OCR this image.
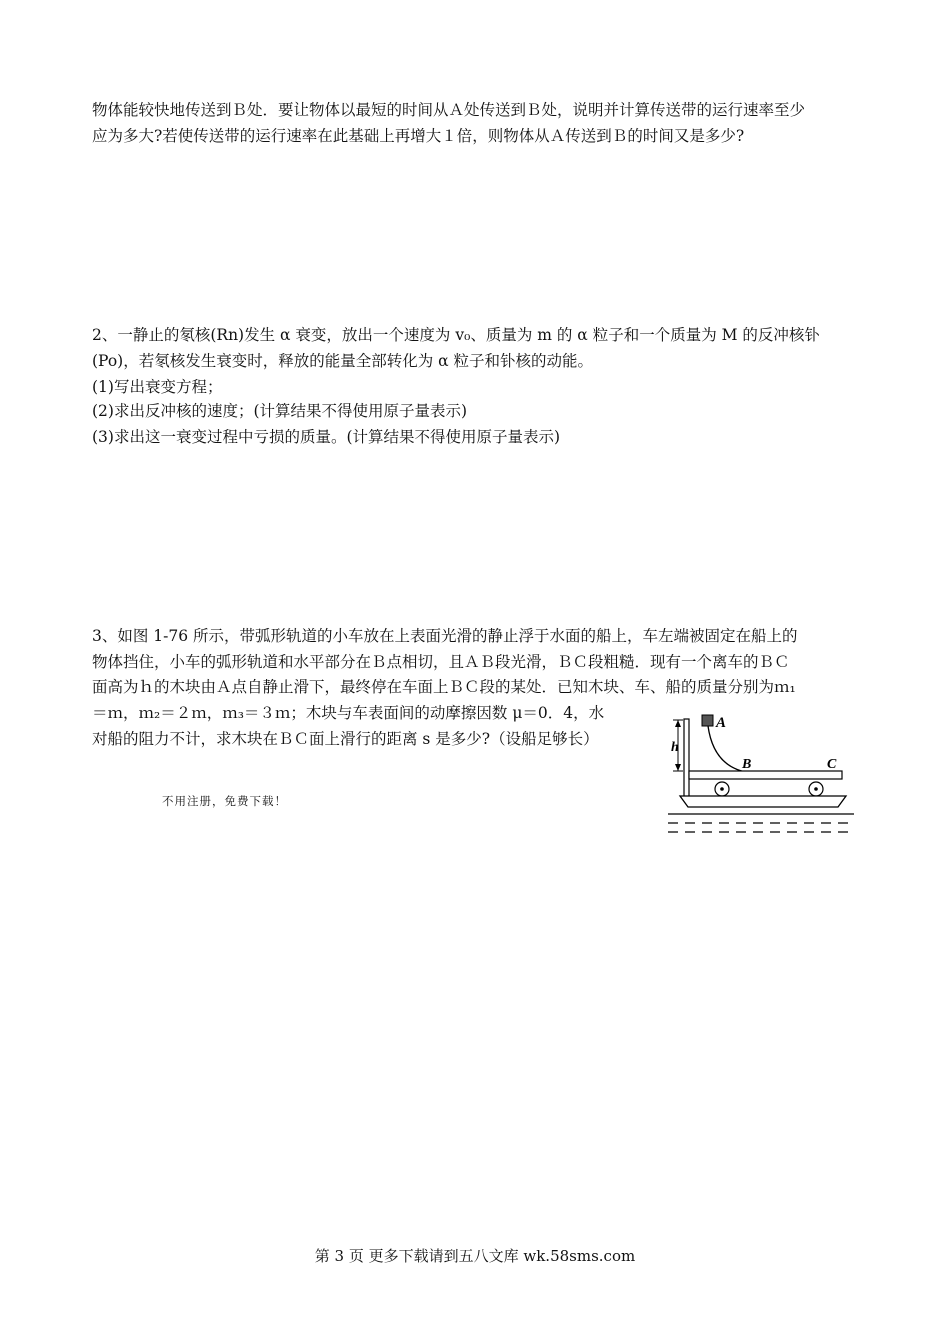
物体能较快地传送到Ｂ处．要让物体以最短的时间从Ａ处传送到Ｂ处，说明并计算传送带的运行速率至少
应为多大?若使传送带的运行速率在此基础上再增大１倍，则物体从Ａ传送到Ｂ的时间又是多少?
2、一静止的氡核(Rn)发生 α 衰变，放出一个速度为 v₀、质量为 m 的 α 粒子和一个质量为 M 的反冲核钋
(Po)，若氡核发生衰变时，释放的能量全部转化为 α 粒子和钋核的动能。
(1)写出衰变方程；
(2)求出反冲核的速度；(计算结果不得使用原子量表示)
(3)求出这一衰变过程中亏损的质量。(计算结果不得使用原子量表示)
3、如图 1-76 所示，带弧形轨道的小车放在上表面光滑的静止浮于水面的船上，车左端被固定在船上的
物体挡住，小车的弧形轨道和水平部分在Ｂ点相切，且ＡＢ段光滑，ＢＣ段粗糙．现有一个离车的ＢＣ
面高为ｈ的木块由Ａ点自静止滑下，最终停在车面上ＢＣ段的某处．已知木块、车、船的质量分别为ｍ₁
＝ｍ，ｍ₂＝２ｍ，ｍ₃＝３ｍ；木块与车表面间的动摩擦因数 μ＝0．4，水
对船的阻力不计，求木块在ＢＣ面上滑行的距离 s 是多少?（设船足够长）
A
h
B	C
不用注册，免费下载！
第 3 页 更多下载请到五八文库 wk.58sms.com
